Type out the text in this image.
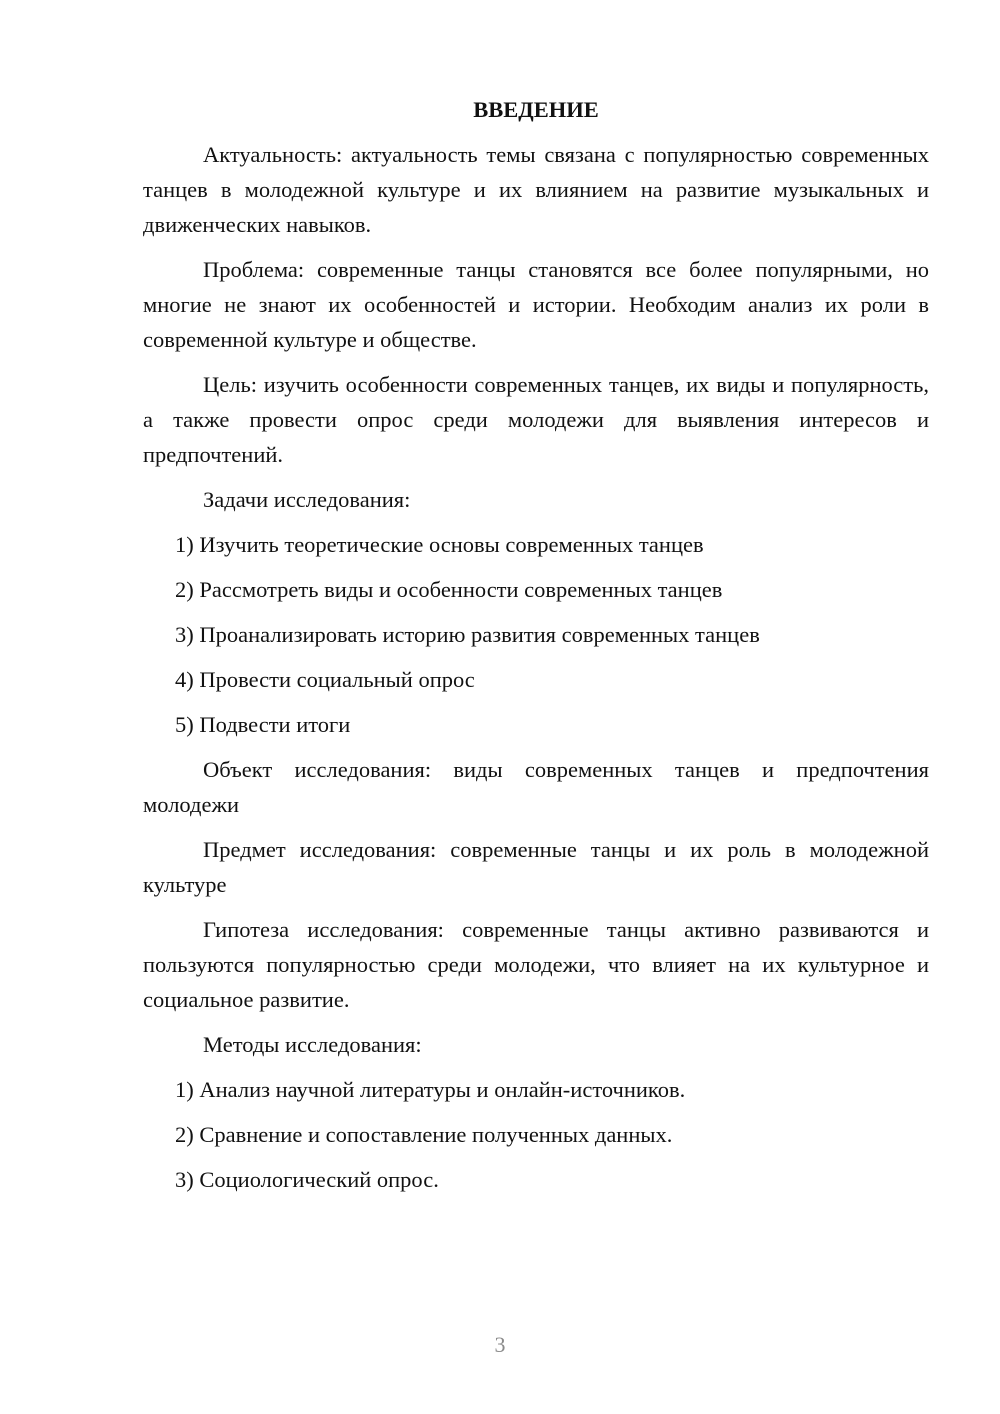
ВВЕДЕНИЕ

Актуальность: актуальность темы связана с популярностью современных танцев в молодежной культуре и их влиянием на развитие музыкальных и движенческих навыков.

Проблема: современные танцы становятся все более популярными, но многие не знают их особенностей и истории. Необходим анализ их роли в современной культуре и обществе.

Цель: изучить особенности современных танцев, их виды и популярность, а также провести опрос среди молодежи для выявления интересов и предпочтений.

Задачи исследования:

1) Изучить теоретические основы современных танцев

2) Рассмотреть виды и особенности современных танцев

3) Проанализировать историю развития современных танцев

4) Провести социальный опрос

5) Подвести итоги

Объект исследования: виды современных танцев и предпочтения молодежи

Предмет исследования: современные танцы и их роль в молодежной культуре

Гипотеза исследования: современные танцы активно развиваются и пользуются популярностью среди молодежи, что влияет на их культурное и социальное развитие.

Методы исследования:

1) Анализ научной литературы и онлайн-источников.

2) Сравнение и сопоставление полученных данных.

3) Социологический опрос.

3
